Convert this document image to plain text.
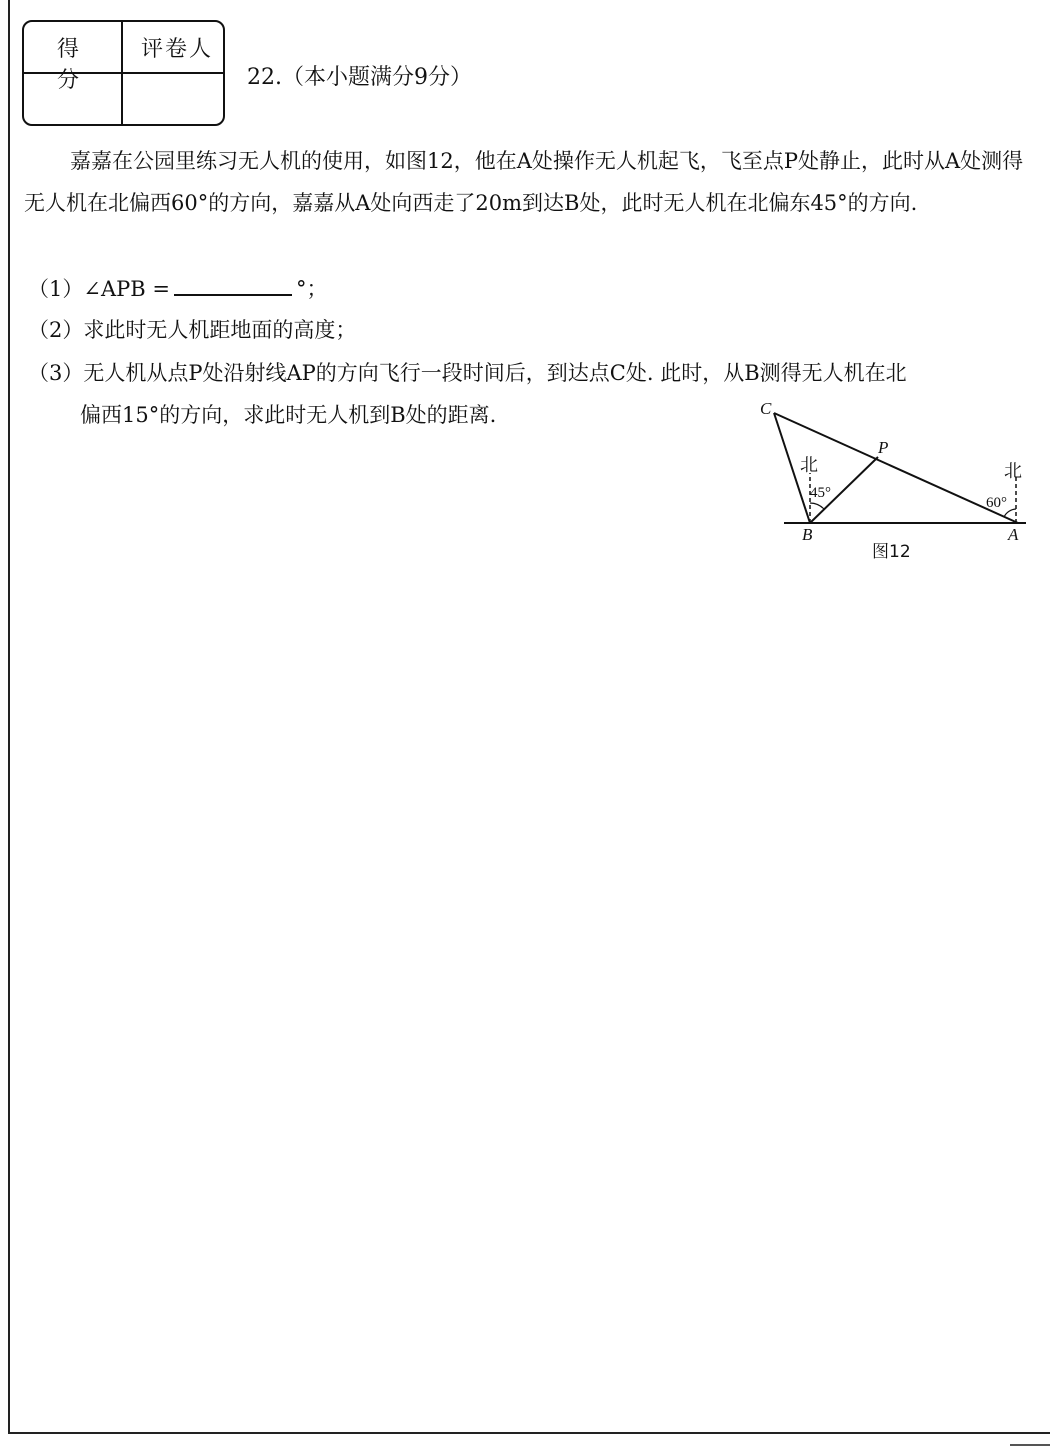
得分
评卷人
22.（本小题满分9分）
嘉嘉在公园里练习无人机的使用，如图12，他在A处操作无人机起飞，飞至点P处静止，此时从A处测得无人机在北偏西60°的方向，嘉嘉从A处向西走了20m到达B处，此时无人机在北偏东45°的方向.
（1）∠APB =	°；
（2）求此时无人机距地面的高度；
（3）无人机从点P处沿射线AP的方向飞行一段时间后，到达点C处. 此时，从B测得无人机在北
偏西15°的方向，求此时无人机到B处的距离.	C
P
B	A
北	北
45°
60°
图12
